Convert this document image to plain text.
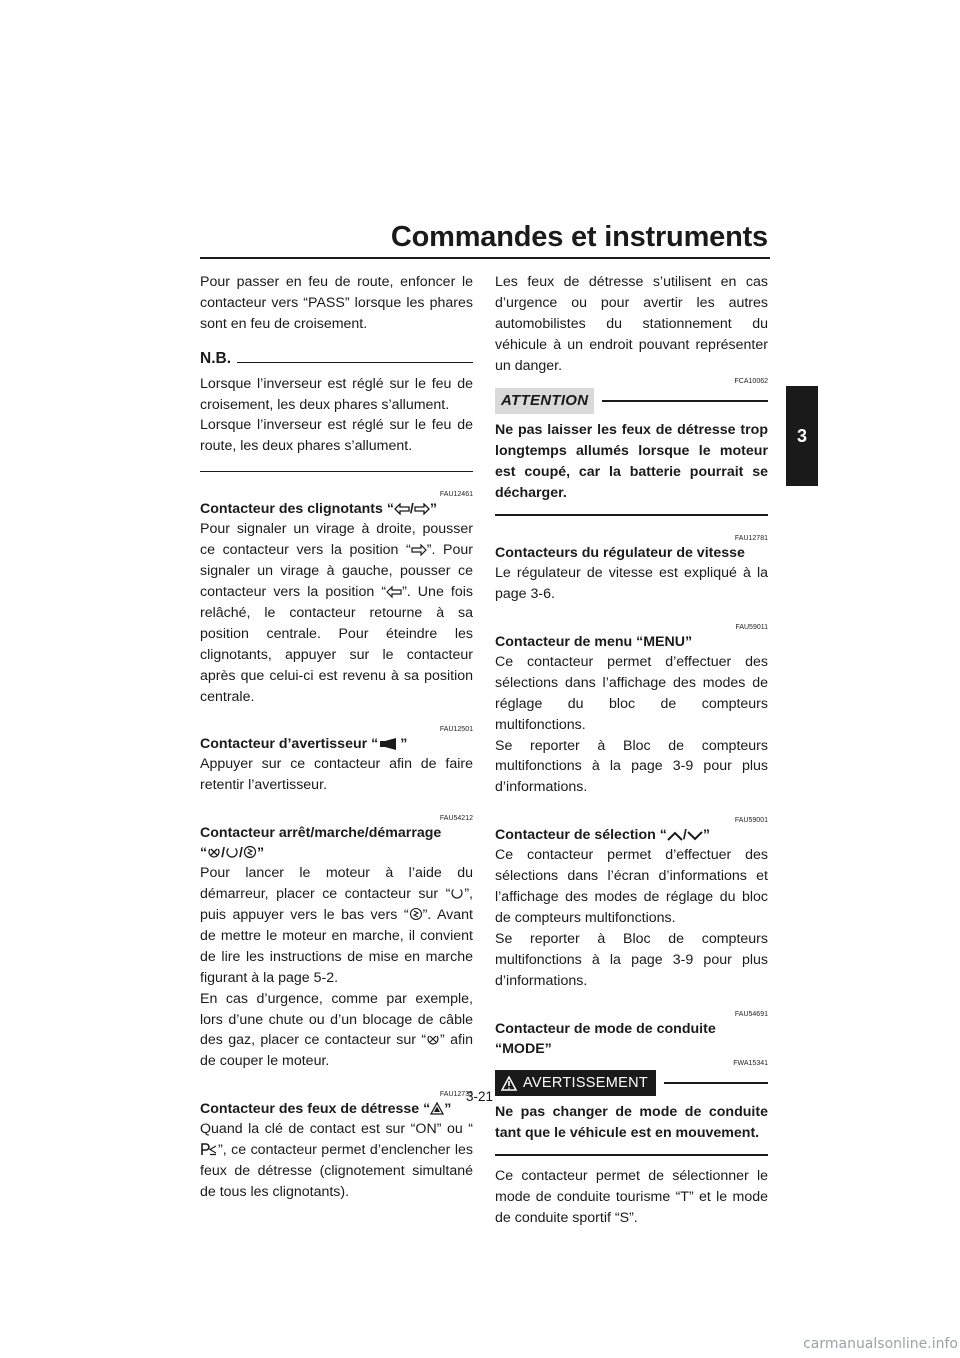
Commandes et instruments
3

Pour passer en feu de route, enfoncer le contacteur vers “PASS” lorsque les phares sont en feu de croisement.

N.B.

Lorsque l’inverseur est réglé sur le feu de croisement, les deux phares s’allument.

Lorsque l’inverseur est réglé sur le feu de route, les deux phares s’allument.

FAU12461
Contacteur des clignotants “ / ”

Pour signaler un virage à droite, pousser ce contacteur vers la position “ ”. Pour signaler un virage à gauche, pousser ce contacteur vers la position “ ”. Une fois relâché, le contacteur retourne à sa position centrale. Pour éteindre les clignotants, appuyer sur le contacteur après que celui-ci est revenu à sa position centrale.

FAU12501
Contacteur d’avertisseur “ ”

Appuyer sur ce contacteur afin de faire retentir l’avertisseur.

FAU54212
Contacteur arrêt/marche/démarrage
“ / / ”

Pour lancer le moteur à l’aide du démarreur, placer ce contacteur sur “ ”, puis appuyer vers le bas vers “ ”. Avant de mettre le moteur en marche, il convient de lire les instructions de mise en marche figurant à la page 5-2.

En cas d’urgence, comme par exemple, lors d’une chute ou d’un blocage de câble des gaz, placer ce contacteur sur “ ” afin de couper le moteur.

FAU12735
Contacteur des feux de détresse “ ”

Quand la clé de contact est sur “ON” ou “”, ce contacteur permet d’enclencher les feux de détresse (clignotement simultané de tous les clignotants).

Les feux de détresse s’utilisent en cas d’urgence ou pour avertir les autres automobilistes du stationnement du véhicule à un endroit pouvant représenter un danger.

FCA10062
ATTENTION

Ne pas laisser les feux de détresse trop longtemps allumés lorsque le moteur est coupé, car la batterie pourrait se décharger.

FAU12781
Contacteurs du régulateur de vitesse

Le régulateur de vitesse est expliqué à la page 3-6.

FAU59011
Contacteur de menu “MENU”

Ce contacteur permet d’effectuer des sélections dans l’affichage des modes de réglage du bloc de compteurs multifonctions.

Se reporter à Bloc de compteurs multifonctions à la page 3-9 pour plus d’informations.

FAU59001
Contacteur de sélection “ / ”

Ce contacteur permet d’effectuer des sélections dans l’écran d’informations et l’affichage des modes de réglage du bloc de compteurs multifonctions.

Se reporter à Bloc de compteurs multifonctions à la page 3-9 pour plus d’informations.

FAU54691
Contacteur de mode de conduite
“MODE”
FWA15341
AVERTISSEMENT

Ne pas changer de mode de conduite tant que le véhicule est en mouvement.

Ce contacteur permet de sélectionner le mode de conduite tourisme “T” et le mode de conduite sportif “S”.

3-21
carmanualsonline.info
